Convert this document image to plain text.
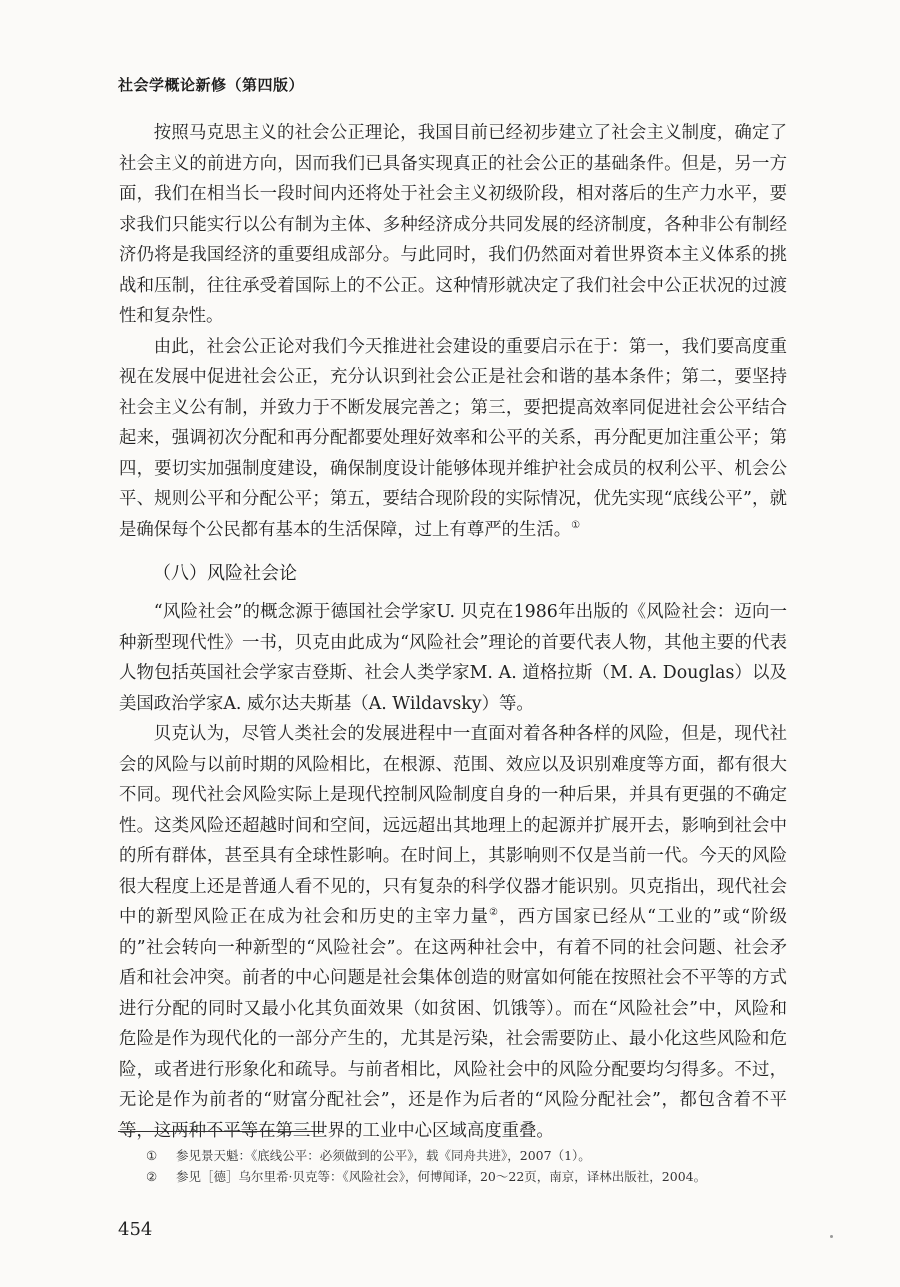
社会学概论新修（第四版）

按照马克思主义的社会公正理论，我国目前已经初步建立了社会主义制度，确定了社会主义的前进方向，因而我们已具备实现真正的社会公正的基础条件。但是，另一方面，我们在相当长一段时间内还将处于社会主义初级阶段，相对落后的生产力水平，要求我们只能实行以公有制为主体、多种经济成分共同发展的经济制度，各种非公有制经济仍将是我国经济的重要组成部分。与此同时，我们仍然面对着世界资本主义体系的挑战和压制，往往承受着国际上的不公正。这种情形就决定了我们社会中公正状况的过渡性和复杂性。

由此，社会公正论对我们今天推进社会建设的重要启示在于：第一，我们要高度重视在发展中促进社会公正，充分认识到社会公正是社会和谐的基本条件；第二，要坚持社会主义公有制，并致力于不断发展完善之；第三，要把提高效率同促进社会公平结合起来，强调初次分配和再分配都要处理好效率和公平的关系，再分配更加注重公平；第四，要切实加强制度建设，确保制度设计能够体现并维护社会成员的权利公平、机会公平、规则公平和分配公平；第五，要结合现阶段的实际情况，优先实现“底线公平”，就是确保每个公民都有基本的生活保障，过上有尊严的生活。①

（八）风险社会论

“风险社会”的概念源于德国社会学家U. 贝克在1986年出版的《风险社会：迈向一种新型现代性》一书，贝克由此成为“风险社会”理论的首要代表人物，其他主要的代表人物包括英国社会学家吉登斯、社会人类学家M. A. 道格拉斯（M. A. Douglas）以及美国政治学家A. 威尔达夫斯基（A. Wildavsky）等。

贝克认为，尽管人类社会的发展进程中一直面对着各种各样的风险，但是，现代社会的风险与以前时期的风险相比，在根源、范围、效应以及识别难度等方面，都有很大不同。现代社会风险实际上是现代控制风险制度自身的一种后果，并具有更强的不确定性。这类风险还超越时间和空间，远远超出其地理上的起源并扩展开去，影响到社会中的所有群体，甚至具有全球性影响。在时间上，其影响则不仅是当前一代。今天的风险很大程度上还是普通人看不见的，只有复杂的科学仪器才能识别。贝克指出，现代社会中的新型风险正在成为社会和历史的主宰力量②，西方国家已经从“工业的”或“阶级的”社会转向一种新型的“风险社会”。在这两种社会中，有着不同的社会问题、社会矛盾和社会冲突。前者的中心问题是社会集体创造的财富如何能在按照社会不平等的方式进行分配的同时又最小化其负面效果（如贫困、饥饿等）。而在“风险社会”中，风险和危险是作为现代化的一部分产生的，尤其是污染，社会需要防止、最小化这些风险和危险，或者进行形象化和疏导。与前者相比，风险社会中的风险分配要均匀得多。不过，无论是作为前者的“财富分配社会”，还是作为后者的“风险分配社会”，都包含着不平等，这两种不平等在第三世界的工业中心区域高度重叠。

①	参见景天魁：《底线公平：必须做到的公平》，载《同舟共进》，2007（1）。
②	参见［德］乌尔里希·贝克等：《风险社会》，何博闻译，20～22页，南京，译林出版社，2004。
454
